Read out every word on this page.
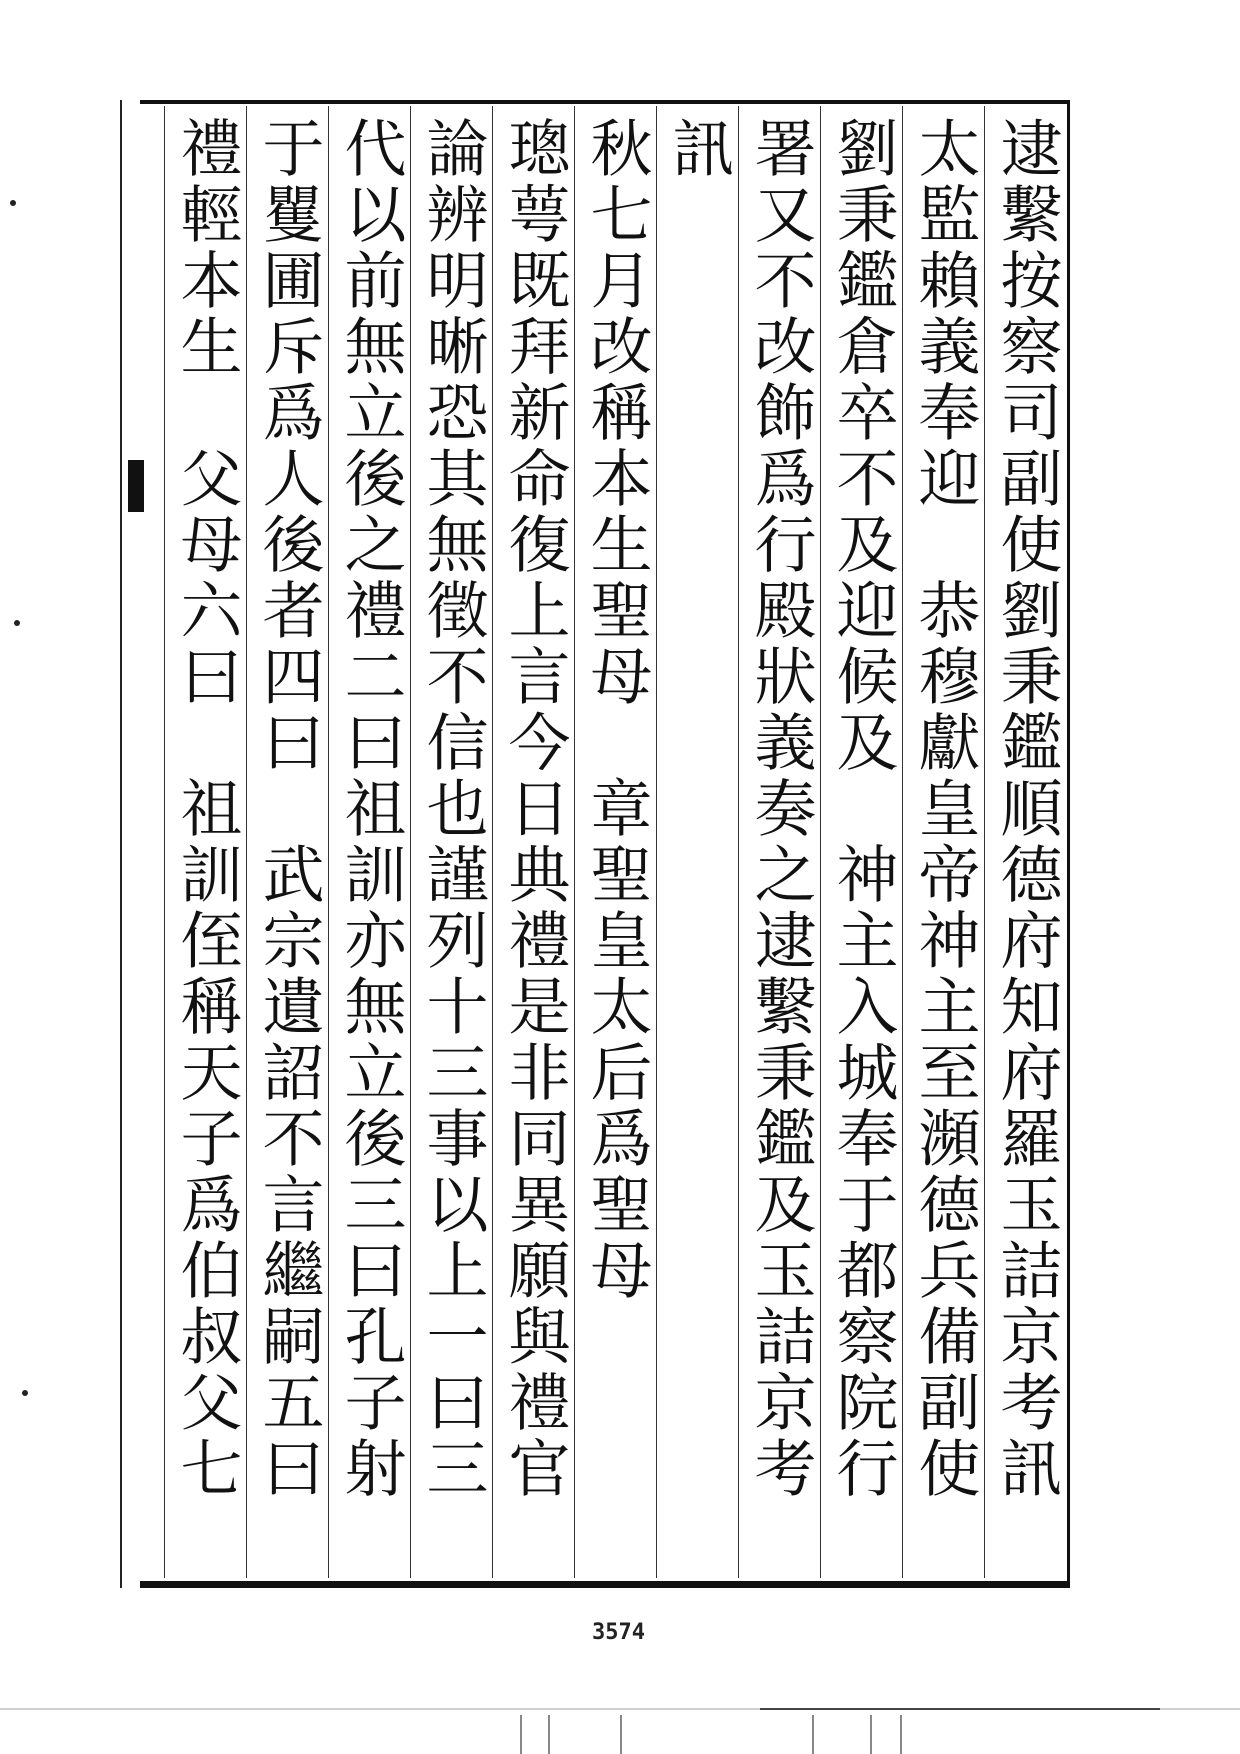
逮繫按察司副使劉秉鑑順德府知府羅玉詰京考訊
太監賴義奉迎　恭穆獻皇帝神主至瀕德兵備副使
劉秉鑑倉卒不及迎候及　神主入城奉于都察院行
署又不改飾爲行殿狀義奏之逮繫秉鑑及玉詰京考
訊
秋七月改稱本生聖母　章聖皇太后爲聖母
璁萼既拜新命復上言今日典禮是非同異願與禮官
論辨明晰恐其無徵不信也謹列十三事以上一曰三
代以前無立後之禮二曰祖訓亦無立後三曰孔子射
于矍圃斥爲人後者四曰　武宗遺詔不言繼嗣五曰
禮輕本生　父母六曰　祖訓侄稱天子爲伯叔父七
3574
